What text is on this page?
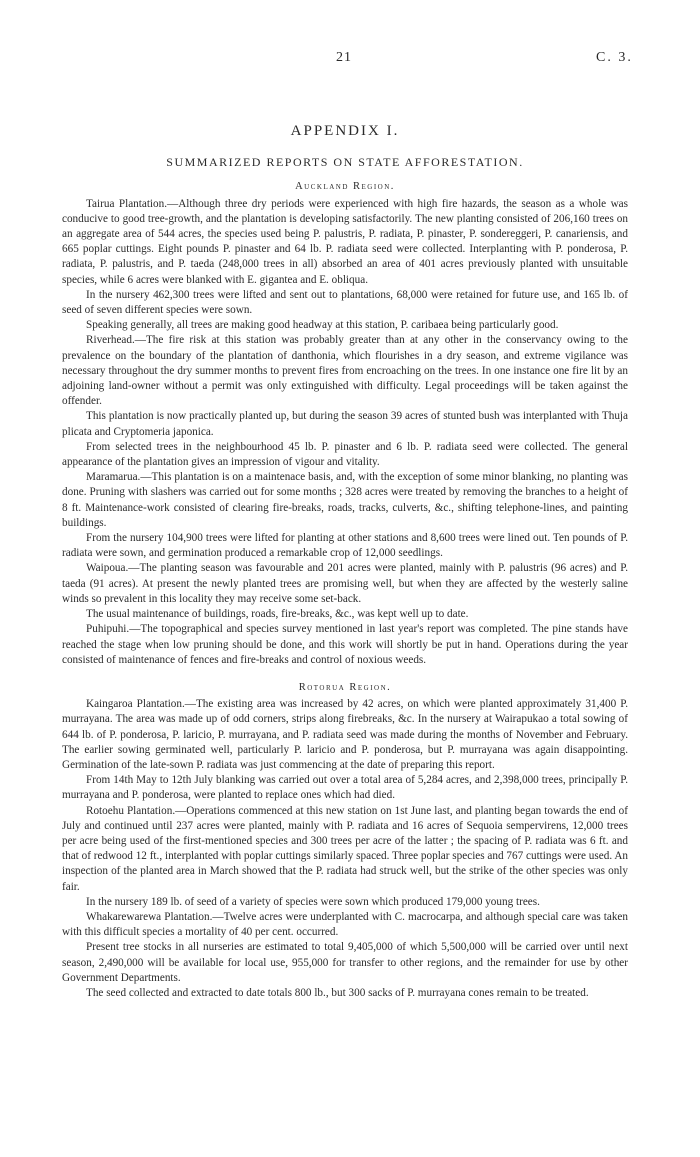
21	C. 3.
APPENDIX I.
SUMMARIZED REPORTS ON STATE AFFORESTATION.
Auckland Region.

Tairua Plantation.—Although three dry periods were experienced with high fire hazards, the season as a whole was conducive to good tree-growth, and the plantation is developing satisfactorily. The new planting consisted of 206,160 trees on an aggregate area of 544 acres, the species used being P. palustris, P. radiata, P. pinaster, P. sondereggeri, P. canariensis, and 665 poplar cuttings. Eight pounds P. pinaster and 64 lb. P. radiata seed were collected. Interplanting with P. ponderosa, P. radiata, P. palustris, and P. taeda (248,000 trees in all) absorbed an area of 401 acres previously planted with unsuitable species, while 6 acres were blanked with E. gigantea and E. obliqua.

In the nursery 462,300 trees were lifted and sent out to plantations, 68,000 were retained for future use, and 165 lb. of seed of seven different species were sown.

Speaking generally, all trees are making good headway at this station, P. caribaea being particularly good.

Riverhead.—The fire risk at this station was probably greater than at any other in the conservancy owing to the prevalence on the boundary of the plantation of danthonia, which flourishes in a dry season, and extreme vigilance was necessary throughout the dry summer months to prevent fires from encroaching on the trees. In one instance one fire lit by an adjoining land-owner without a permit was only extinguished with difficulty. Legal proceedings will be taken against the offender.

This plantation is now practically planted up, but during the season 39 acres of stunted bush was interplanted with Thuja plicata and Cryptomeria japonica.

From selected trees in the neighbourhood 45 lb. P. pinaster and 6 lb. P. radiata seed were collected. The general appearance of the plantation gives an impression of vigour and vitality.

Maramarua.—This plantation is on a maintenace basis, and, with the exception of some minor blanking, no planting was done. Pruning with slashers was carried out for some months ; 328 acres were treated by removing the branches to a height of 8 ft. Maintenance-work consisted of clearing fire-breaks, roads, tracks, culverts, &c., shifting telephone-lines, and painting buildings.

From the nursery 104,900 trees were lifted for planting at other stations and 8,600 trees were lined out. Ten pounds of P. radiata were sown, and germination produced a remarkable crop of 12,000 seedlings.

Waipoua.—The planting season was favourable and 201 acres were planted, mainly with P. palustris (96 acres) and P. taeda (91 acres). At present the newly planted trees are promising well, but when they are affected by the westerly saline winds so prevalent in this locality they may receive some set-back.

The usual maintenance of buildings, roads, fire-breaks, &c., was kept well up to date.

Puhipuhi.—The topographical and species survey mentioned in last year's report was completed. The pine stands have reached the stage when low pruning should be done, and this work will shortly be put in hand. Operations during the year consisted of maintenance of fences and fire-breaks and control of noxious weeds.

Rotorua Region.

Kaingaroa Plantation.—The existing area was increased by 42 acres, on which were planted approximately 31,400 P. murrayana. The area was made up of odd corners, strips along firebreaks, &c. In the nursery at Wairapukao a total sowing of 644 lb. of P. ponderosa, P. laricio, P. murrayana, and P. radiata seed was made during the months of November and February. The earlier sowing germinated well, particularly P. laricio and P. ponderosa, but P. murrayana was again disappointing. Germination of the late-sown P. radiata was just commencing at the date of preparing this report.

From 14th May to 12th July blanking was carried out over a total area of 5,284 acres, and 2,398,000 trees, principally P. murrayana and P. ponderosa, were planted to replace ones which had died.

Rotoehu Plantation.—Operations commenced at this new station on 1st June last, and planting began towards the end of July and continued until 237 acres were planted, mainly with P. radiata and 16 acres of Sequoia sempervirens, 12,000 trees per acre being used of the first-mentioned species and 300 trees per acre of the latter ; the spacing of P. radiata was 6 ft. and that of redwood 12 ft., interplanted with poplar cuttings similarly spaced. Three poplar species and 767 cuttings were used. An inspection of the planted area in March showed that the P. radiata had struck well, but the strike of the other species was only fair.

In the nursery 189 lb. of seed of a variety of species were sown which produced 179,000 young trees.

Whakarewarewa Plantation.—Twelve acres were underplanted with C. macrocarpa, and although special care was taken with this difficult species a mortality of 40 per cent. occurred.

Present tree stocks in all nurseries are estimated to total 9,405,000 of which 5,500,000 will be carried over until next season, 2,490,000 will be available for local use, 955,000 for transfer to other regions, and the remainder for use by other Government Departments.

The seed collected and extracted to date totals 800 lb., but 300 sacks of P. murrayana cones remain to be treated.
